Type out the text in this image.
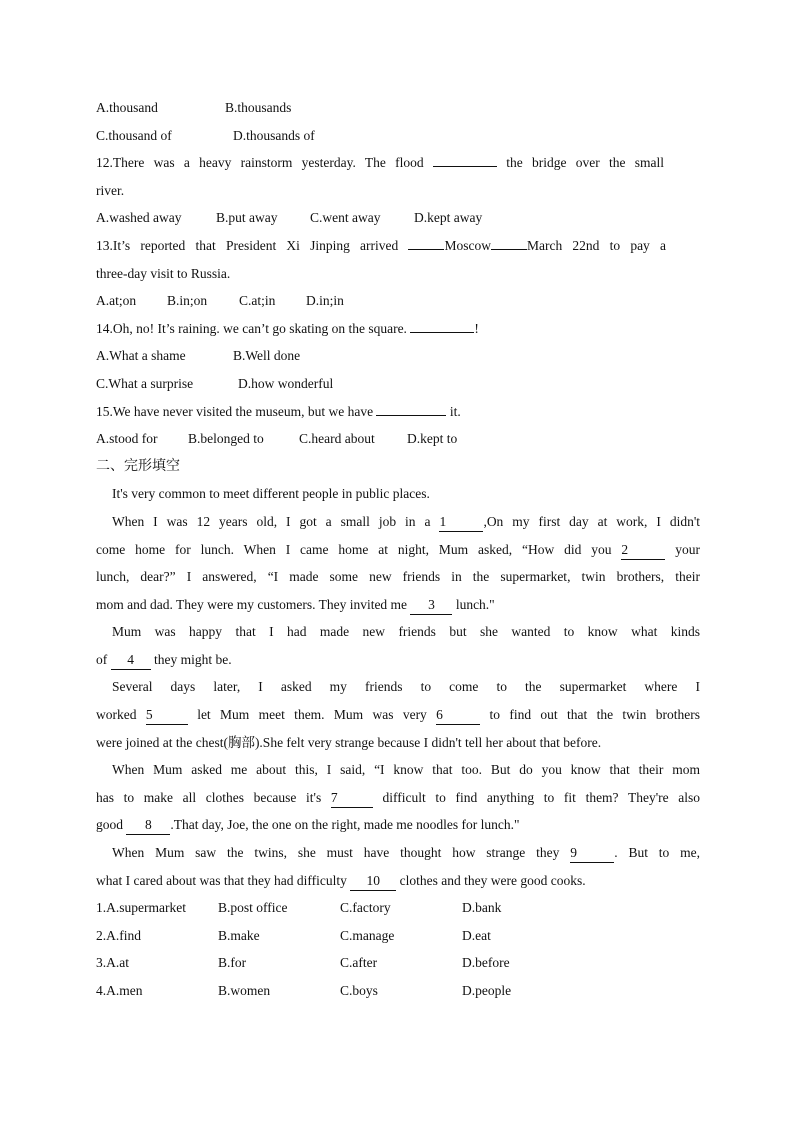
A.thousand	B.thousands
C.thousand of	D.thousands of
12.There was a heavy rainstorm yesterday. The flood	the bridge over the small
river.
A.washed away	B.put away C.went away D.kept away
13.It’s reported that President Xi Jinping arrived	Moscow	March 22nd to pay a
three-day visit to Russia.
A.at;on B.in;on C.at;in D.in;in
14.Oh, no! It’s raining. we can’t go skating on the square.	!
A.What a shame	B.Well done
C.What a surprise	D.how wonderful
15.We have never visited the museum, but we have	it.
A.stood for B.belonged to	C.heard about D.kept to
二、完形填空
It's very common to meet different people in public places.
When I was 12 years old, I got a small job in a 1	,On my first day at work, I didn't
come home for lunch. When I came home at night, Mum asked, “How did you 2	your
lunch, dear?” I answered, “I made some new friends in the supermarket, twin brothers, their
mom and dad. They were my customers. They invited me 3 lunch."
Mum was happy that I had made new friends but she wanted to know what kinds
of 4 they might be.
Several days later, I asked my friends to come to the supermarket where I
worked 5	let Mum meet them. Mum was very 6	to find out that the twin brothers
were joined at the chest(胸部).She felt very strange because I didn't tell her about that before.
When Mum asked me about this, I said, “I know that too. But do you know that their mom
has to make all clothes because it's 7	difficult to find anything to fit them? They're also
good 8 .That day, Joe, the one on the right, made me noodles for lunch."
When Mum saw the twins, she must have thought how strange they 9	. But to me,
what I cared about was that they had difficulty 10 clothes and they were good cooks.
1.A.supermarket B.post office	C.factory	D.bank
2.A.find	B.make	C.manage	D.eat
3.A.at	B.for	C.after	D.before
4.A.men	B.women	C.boys	D.people
